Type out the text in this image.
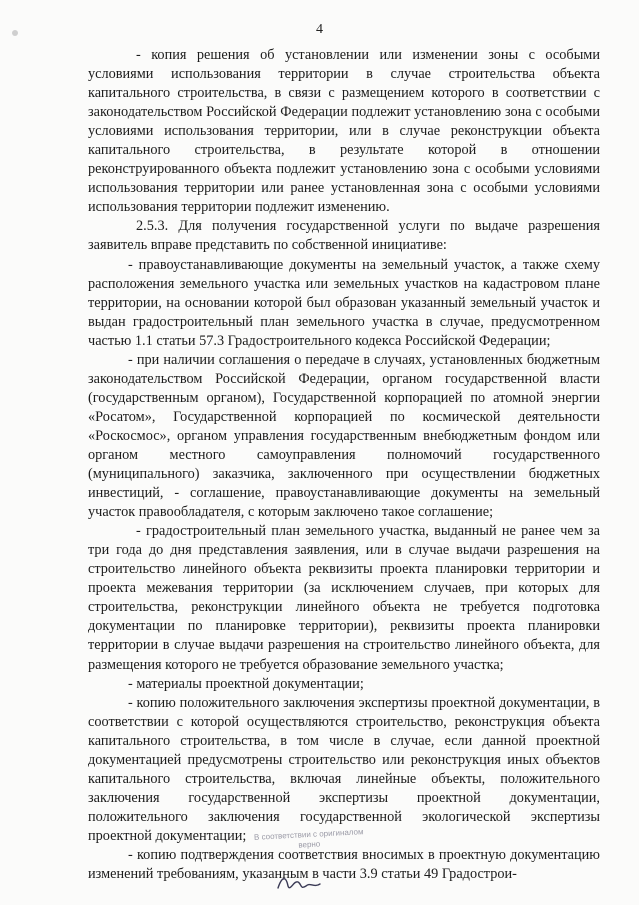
4

- копия решения об установлении или изменении зоны с особыми условиями использования территории в случае строительства объекта капитального строительства, в связи с размещением которого в соответствии с законодательством Российской Федерации подлежит установлению зона с особыми условиями использования территории, или в случае реконструкции объекта капитального строительства, в результате которой в отношении реконструированного объекта подлежит установлению зона с особыми условиями использования территории или ранее установленная зона с особыми условиями использования территории подлежит изменению.

2.5.3. Для получения государственной услуги по выдаче разрешения заявитель вправе представить по собственной инициативе:

- правоустанавливающие документы на земельный участок, а также схему расположения земельного участка или земельных участков на кадастровом плане территории, на основании которой был образован указанный земельный участок и выдан градостроительный план земельного участка в случае, предусмотренном частью 1.1 статьи 57.3 Градостроительного кодекса Российской Федерации;

- при наличии соглашения о передаче в случаях, установленных бюджетным законодательством Российской Федерации, органом государственной власти (государственным органом), Государственной корпорацией по атомной энергии «Росатом», Государственной корпорацией по космической деятельности «Роскосмос», органом управления государственным внебюджетным фондом или органом местного самоуправления полномочий государственного (муниципального) заказчика, заключенного при осуществлении бюджетных инвестиций, - соглашение, правоустанавливающие документы на земельный участок правообладателя, с которым заключено такое соглашение;

- градостроительный план земельного участка, выданный не ранее чем за три года до дня представления заявления, или в случае выдачи разрешения на строительство линейного объекта реквизиты проекта планировки территории и проекта межевания территории (за исключением случаев, при которых для строительства, реконструкции линейного объекта не требуется подготовка документации по планировке территории), реквизиты проекта планировки территории в случае выдачи разрешения на строительство линейного объекта, для размещения которого не требуется образование земельного участка;

- материалы проектной документации;

- копию положительного заключения экспертизы проектной документации, в соответствии с которой осуществляются строительство, реконструкция объекта капитального строительства, в том числе в случае, если данной проектной документацией предусмотрены строительство или реконструкция иных объектов капитального строительства, включая линейные объекты, положительного заключения государственной экспертизы проектной документации, положительного заключения государственной экологической экспертизы проектной документации;

- копию подтверждения соответствия вносимых в проектную документацию изменений требованиям, указанным в части 3.9 статьи 49 Градострои-

В соответствии с оригиналом
верно
